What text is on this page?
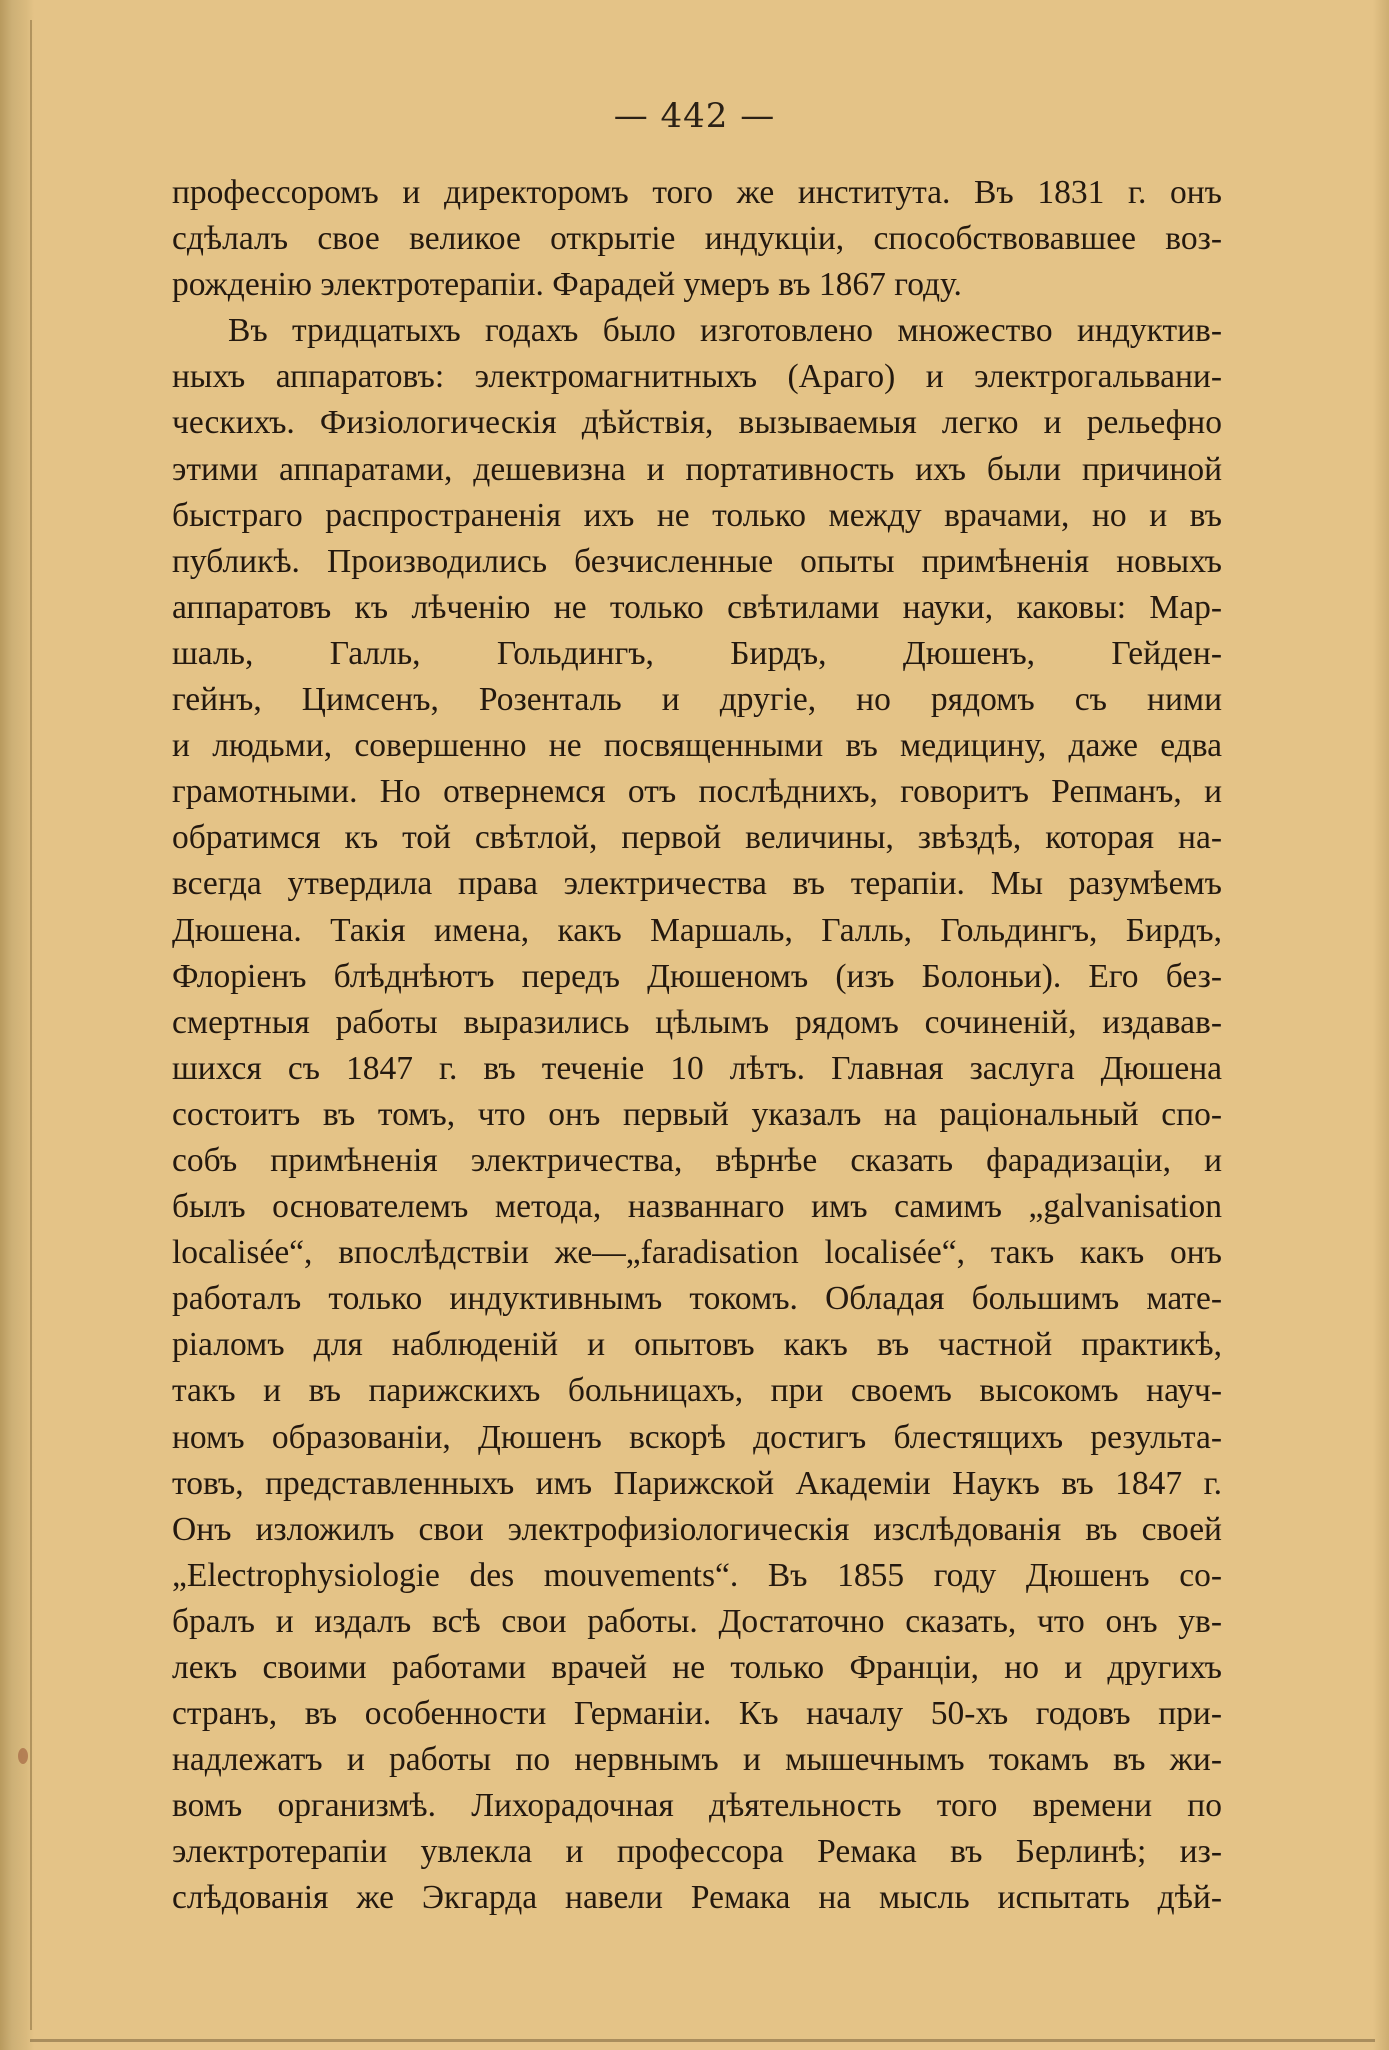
— 442 —
профессоромъ и директоромъ того же института. Въ 1831 г. онъ
сдѣлалъ свое великое открытіе индукціи, способствовавшее воз-
рожденію электротерапіи. Фарадей умеръ въ 1867 году.
Въ тридцатыхъ годахъ было изготовлено множество индуктив-
ныхъ аппаратовъ: электромагнитныхъ (Араго) и электрогальвани-
ческихъ. Физіологическія дѣйствія, вызываемыя легко и рельефно
этими аппаратами, дешевизна и портативность ихъ были причиной
быстраго распространенія ихъ не только между врачами, но и въ
публикѣ. Производились безчисленные опыты примѣненія новыхъ
аппаратовъ къ лѣченію не только свѣтилами науки, каковы: Мар-
шаль, Галль, Гольдингъ, Бирдъ, Дюшенъ, Гейден-
гейнъ, Цимсенъ, Розенталь и другіе, но рядомъ съ ними
и людьми, совершенно не посвященными въ медицину, даже едва
грамотными. Но отвернемся отъ послѣднихъ, говоритъ Репманъ, и
обратимся къ той свѣтлой, первой величины, звѣздѣ, которая на-
всегда утвердила права электричества въ терапіи. Мы разумѣемъ
Дюшена. Такія имена, какъ Маршаль, Галль, Гольдингъ, Бирдъ,
Флоріенъ блѣднѣютъ передъ Дюшеномъ (изъ Болоньи). Его без-
смертныя работы выразились цѣлымъ рядомъ сочиненій, издавав-
шихся съ 1847 г. въ теченіе 10 лѣтъ. Главная заслуга Дюшена
состоитъ въ томъ, что онъ первый указалъ на раціональный спо-
собъ примѣненія электричества, вѣрнѣе сказать фарадизаціи, и
былъ основателемъ метода, названнаго имъ самимъ „galvanisation
localisée“, впослѣдствіи же—„faradisation localisée“, такъ какъ онъ
работалъ только индуктивнымъ токомъ. Обладая большимъ мате-
ріаломъ для наблюденій и опытовъ какъ въ частной практикѣ,
такъ и въ парижскихъ больницахъ, при своемъ высокомъ науч-
номъ образованіи, Дюшенъ вскорѣ достигъ блестящихъ результа-
товъ, представленныхъ имъ Парижской Академіи Наукъ въ 1847 г.
Онъ изложилъ свои электрофизіологическія изслѣдованія въ своей
„Electrophysiologie des mouvements“. Въ 1855 году Дюшенъ со-
бралъ и издалъ всѣ свои работы. Достаточно сказать, что онъ ув-
лекъ своими работами врачей не только Франціи, но и другихъ
странъ, въ особенности Германіи. Къ началу 50-хъ годовъ при-
надлежатъ и работы по нервнымъ и мышечнымъ токамъ въ жи-
вомъ организмѣ. Лихорадочная дѣятельность того времени по
электротерапіи увлекла и профессора Ремака въ Берлинѣ; из-
слѣдованія же Экгарда навели Ремака на мысль испытать дѣй-
